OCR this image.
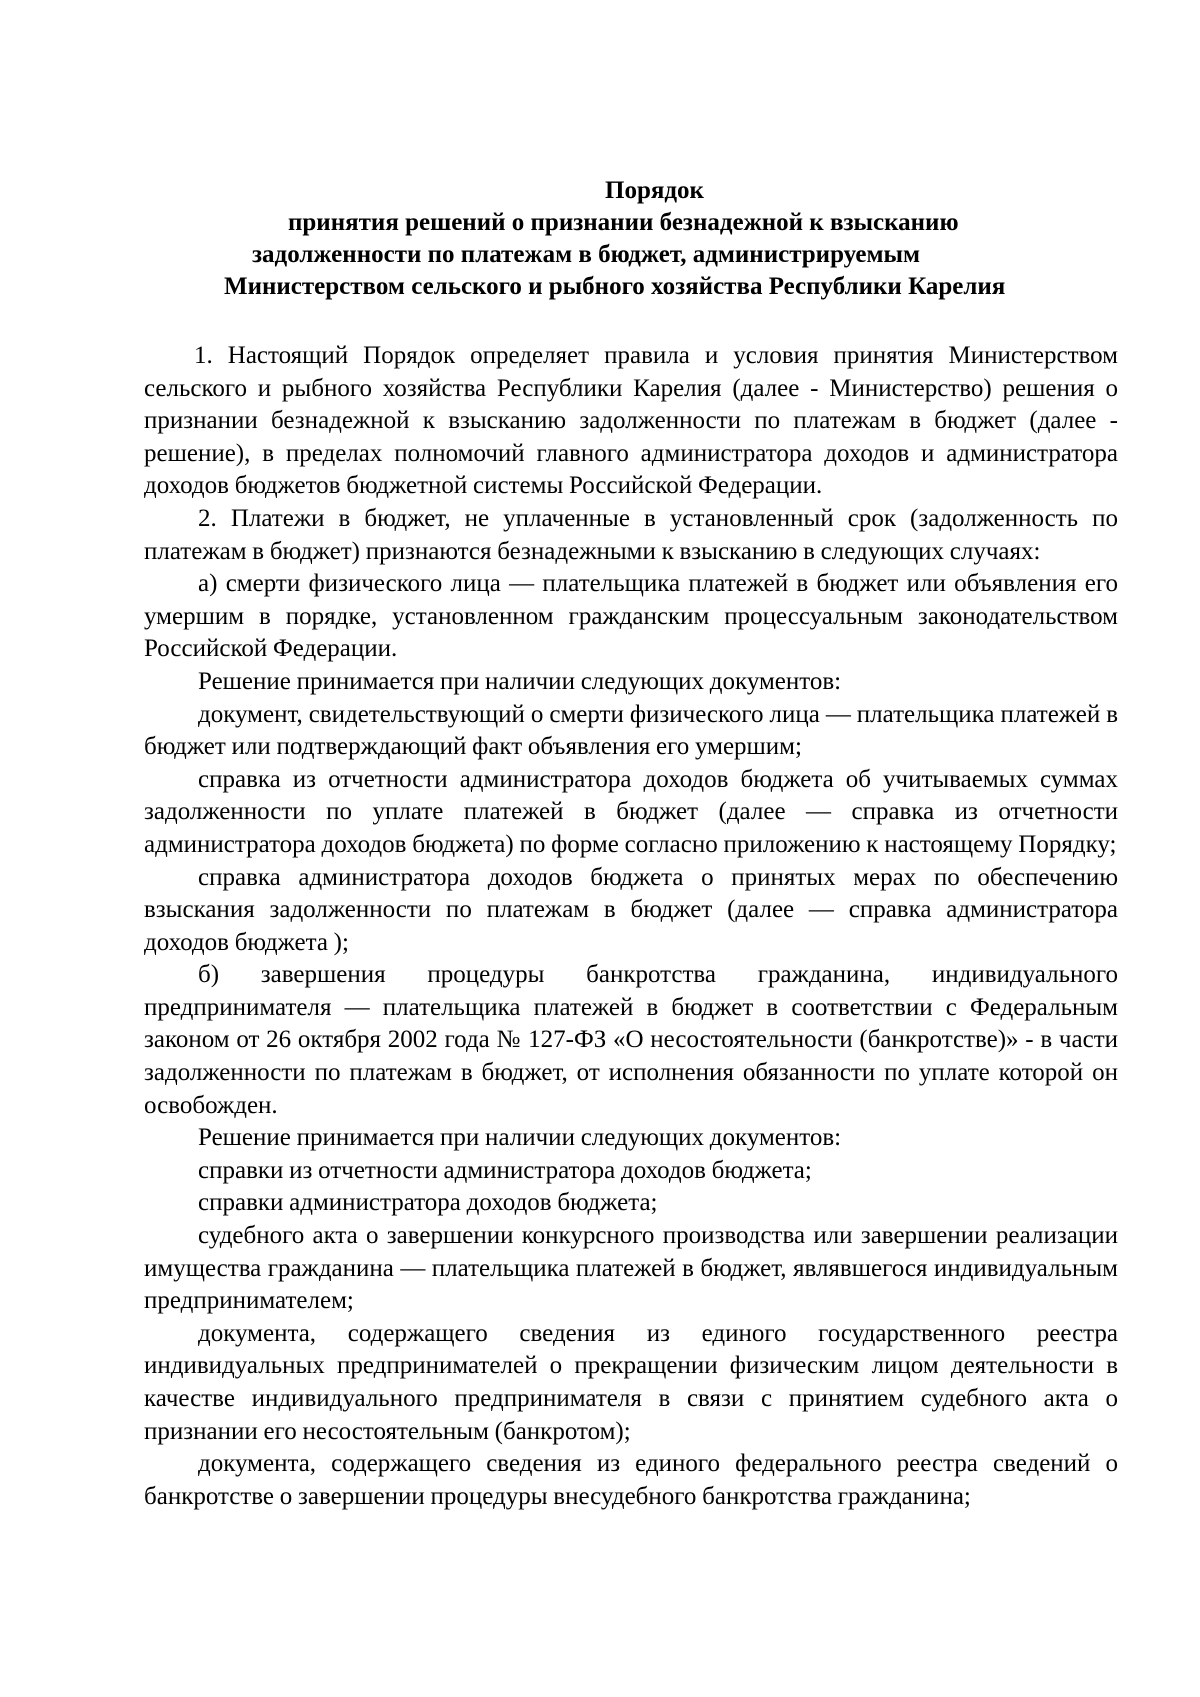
Порядок
принятия решений о признании безнадежной к взысканию
задолженности по платежам в бюджет, администрируемым
Министерством сельского и рыбного хозяйства Республики Карелия

1. Настоящий Порядок определяет правила и условия принятия Министерством сельского и рыбного хозяйства Республики Карелия (далее - Министерство) решения о признании безнадежной к взысканию задолженности по платежам в бюджет (далее - решение), в пределах полномочий главного администратора доходов и администратора доходов бюджетов бюджетной системы Российской Федерации.

2. Платежи в бюджет, не уплаченные в установленный срок (задолженность по платежам в бюджет) признаются безнадежными к взысканию в следующих случаях:

а) смерти физического лица — плательщика платежей в бюджет или объявления его умершим в порядке, установленном гражданским процессуальным законодательством Российской Федерации.

Решение принимается при наличии следующих документов:

документ, свидетельствующий о смерти физического лица — плательщика платежей в бюджет или подтверждающий факт объявления его умершим;

справка из отчетности администратора доходов бюджета об учитываемых суммах задолженности по уплате платежей в бюджет (далее — справка из отчетности администратора доходов бюджета) по форме согласно приложению к настоящему Порядку;

справка администратора доходов бюджета о принятых мерах по обеспечению взыскания задолженности по платежам в бюджет (далее — справка администратора доходов бюджета );

б) завершения процедуры банкротства гражданина, индивидуального предпринимателя — плательщика платежей в бюджет в соответствии с Федеральным законом от 26 октября 2002 года № 127-ФЗ «О несостоятельности (банкротстве)» - в части задолженности по платежам в бюджет, от исполнения обязанности по уплате которой он освобожден.

Решение принимается при наличии следующих документов:

справки из отчетности администратора доходов бюджета;

справки администратора доходов бюджета;

судебного акта о завершении конкурсного производства или завершении реализации имущества гражданина — плательщика платежей в бюджет, являвшегося индивидуальным предпринимателем;

документа, содержащего сведения из единого государственного реестра индивидуальных предпринимателей о прекращении физическим лицом деятельности в качестве индивидуального предпринимателя в связи с принятием судебного акта о признании его несостоятельным (банкротом);

документа, содержащего сведения из единого федерального реестра сведений о банкротстве о завершении процедуры внесудебного банкротства гражданина;
